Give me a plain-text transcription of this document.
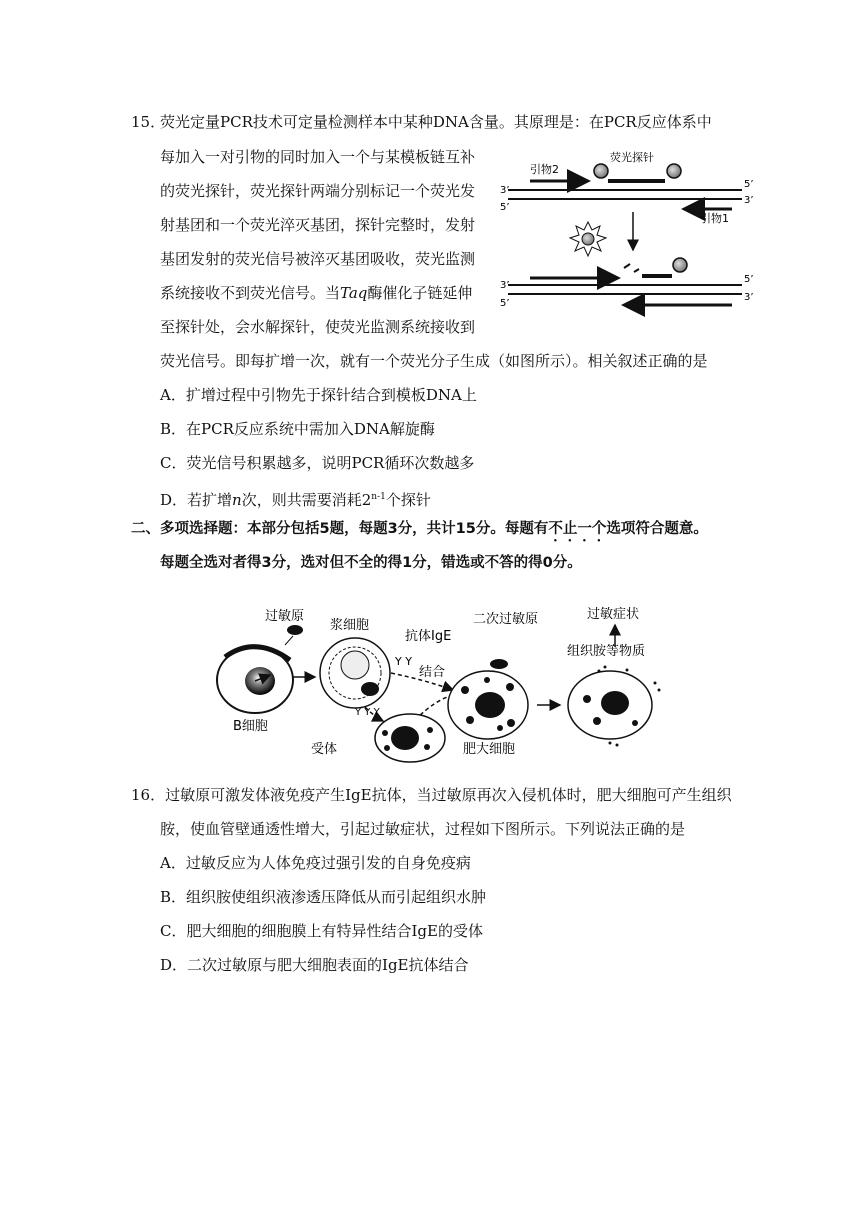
15．
荧光定量PCR技术可定量检测样本中某种DNA含量。其原理是：在PCR反应体系中
每加入一对引物的同时加入一个与某模板链互补
的荧光探针，荧光探针两端分别标记一个荧光发
射基团和一个荧光淬灭基团，探针完整时，发射
基团发射的荧光信号被淬灭基团吸收，荧光监测
系统接收不到荧光信号。当Taq酶催化子链延伸
至探针处，会水解探针，使荧光监测系统接收到
荧光信号。即每扩增一次，就有一个荧光分子生成（如图所示）。相关叙述正确的是
A．扩增过程中引物先于探针结合到模板DNA上
B．在PCR反应系统中需加入DNA解旋酶
C．荧光信号积累越多，说明PCR循环次数越多
D．若扩增n次，则共需要消耗2$^{n-1}$个探针
荧光探针
引物2
3’
5’
5’
3’
引物1
3’
5’
5’
3’
二、多项选择题：本部分包括5题，每题3分，共计15分。每题有不止一个选项符合题意。
每题全选对者得3分，选对但不全的得1分，错选或不答的得0分。
过敏原
浆细胞
抗体IgE
二次过敏原	过敏症状
组织胺等物质
结合
B细胞
受体	肥大细胞
Y Y
Y Y Y
16．过敏原可激发体液免疫产生IgE抗体，当过敏原再次入侵机体时，肥大细胞可产生组织
胺，使血管壁通透性增大，引起过敏症状，过程如下图所示。下列说法正确的是
A．过敏反应为人体免疫过强引发的自身免疫病
B．组织胺使组织液渗透压降低从而引起组织水肿
C．肥大细胞的细胞膜上有特异性结合IgE的受体
D．二次过敏原与肥大细胞表面的IgE抗体结合
